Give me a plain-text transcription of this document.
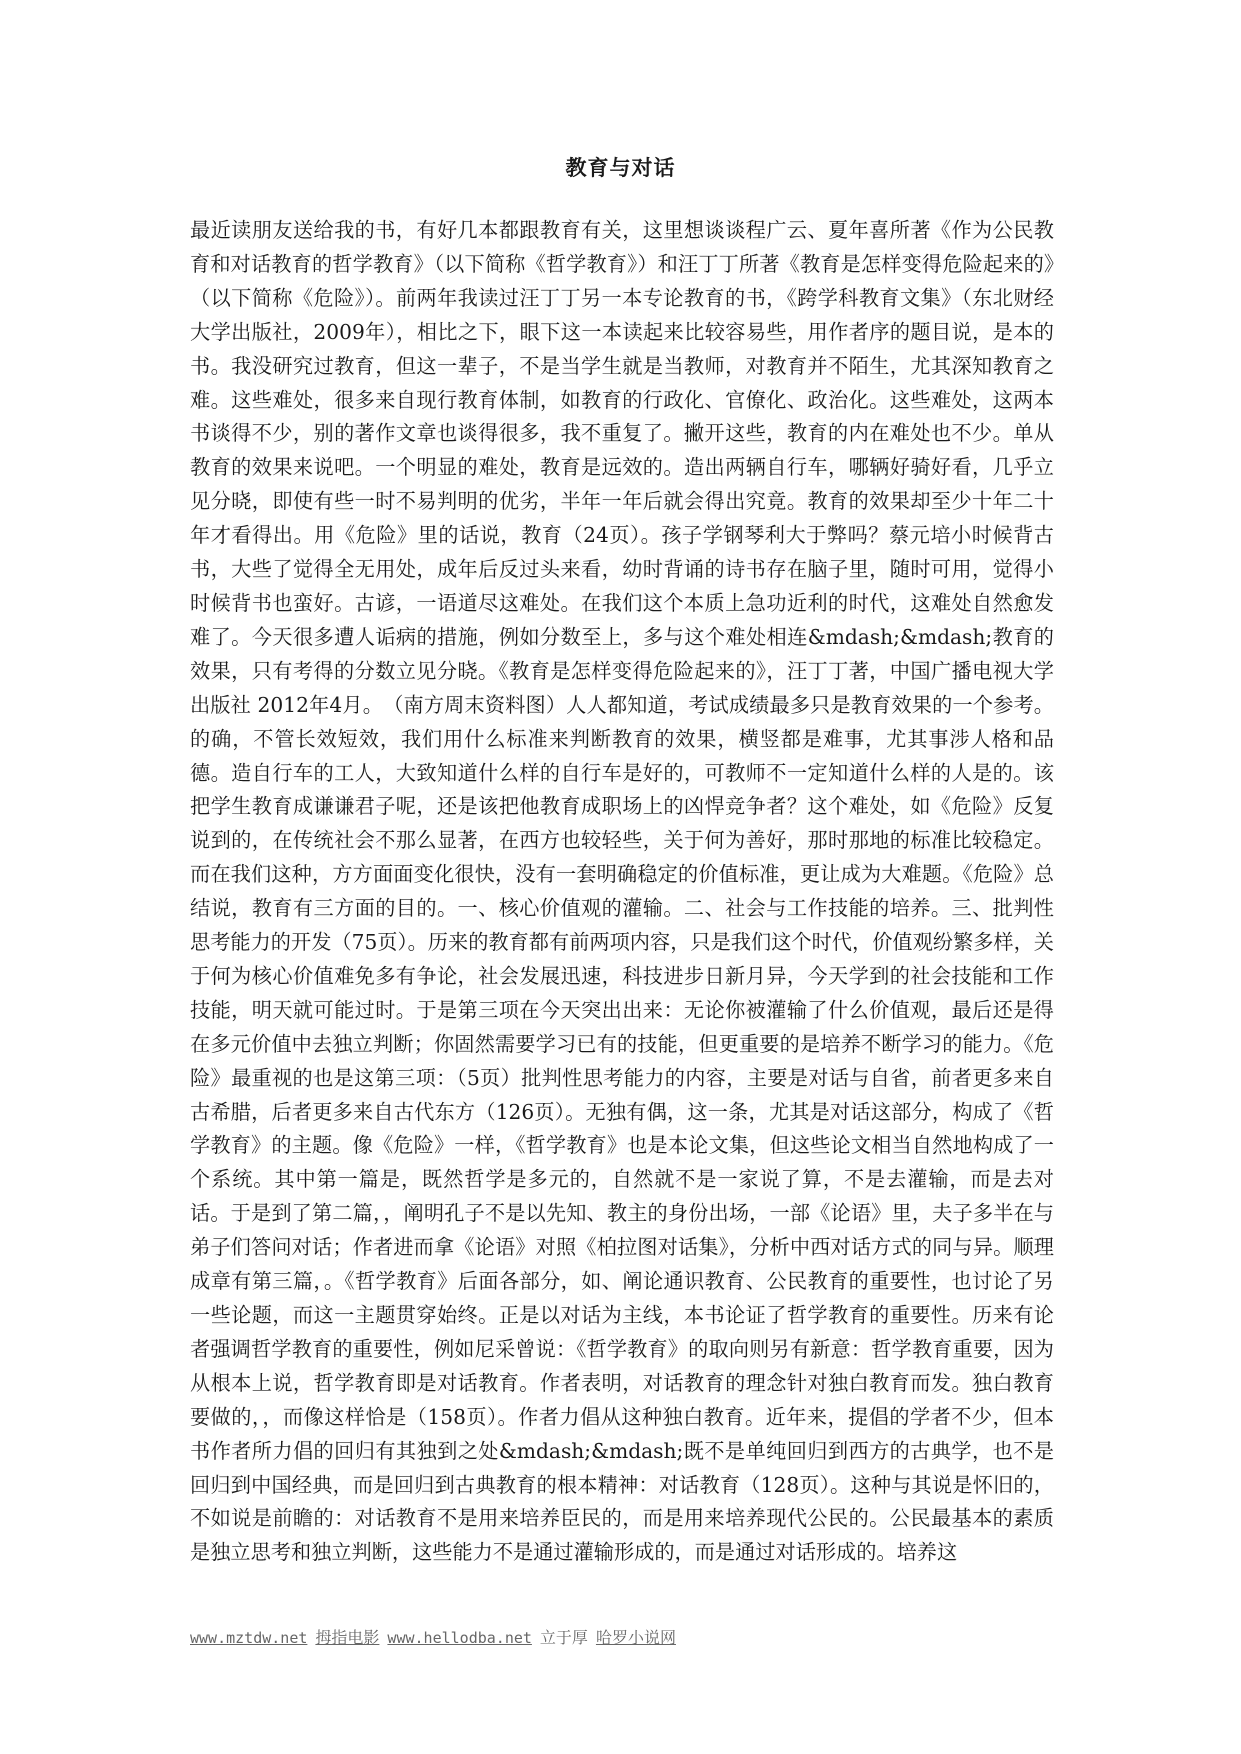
教育与对话

最近读朋友送给我的书，有好几本都跟教育有关，这里想谈谈程广云、夏年喜所著《作为公民教育和对话教育的哲学教育》（以下简称《哲学教育》）和汪丁丁所著《教育是怎样变得危险起来的》（以下简称《危险》）。前两年我读过汪丁丁另一本专论教育的书，《跨学科教育文集》（东北财经大学出版社，2009年），相比之下，眼下这一本读起来比较容易些，用作者序的题目说，是本的书。我没研究过教育，但这一辈子，不是当学生就是当教师，对教育并不陌生，尤其深知教育之难。这些难处，很多来自现行教育体制，如教育的行政化、官僚化、政治化。这些难处，这两本书谈得不少，别的著作文章也谈得很多，我不重复了。撇开这些，教育的内在难处也不少。单从教育的效果来说吧。一个明显的难处，教育是远效的。造出两辆自行车，哪辆好骑好看，几乎立见分晓，即使有些一时不易判明的优劣，半年一年后就会得出究竟。教育的效果却至少十年二十年才看得出。用《危险》里的话说，教育（24页）。孩子学钢琴利大于弊吗？蔡元培小时候背古书，大些了觉得全无用处，成年后反过头来看，幼时背诵的诗书存在脑子里，随时可用，觉得小时候背书也蛮好。古谚，一语道尽这难处。在我们这个本质上急功近利的时代，这难处自然愈发难了。今天很多遭人诟病的措施，例如分数至上，多与这个难处相连&mdash;&mdash;教育的效果，只有考得的分数立见分晓。《教育是怎样变得危险起来的》，汪丁丁著，中国广播电视大学出版社 2012年4月。　（南方周末资料图）人人都知道，考试成绩最多只是教育效果的一个参考。的确，不管长效短效，我们用什么标准来判断教育的效果，横竖都是难事，尤其事涉人格和品德。造自行车的工人，大致知道什么样的自行车是好的，可教师不一定知道什么样的人是的。该把学生教育成谦谦君子呢，还是该把他教育成职场上的凶悍竞争者？这个难处，如《危险》反复说到的，在传统社会不那么显著，在西方也较轻些，关于何为善好，那时那地的标准比较稳定。而在我们这种，方方面面变化很快，没有一套明确稳定的价值标准，更让成为大难题。《危险》总结说，教育有三方面的目的。一、核心价值观的灌输。二、社会与工作技能的培养。三、批判性思考能力的开发（75页）。历来的教育都有前两项内容，只是我们这个时代，价值观纷繁多样，关于何为核心价值难免多有争论，社会发展迅速，科技进步日新月异，今天学到的社会技能和工作技能，明天就可能过时。于是第三项在今天突出出来：无论你被灌输了什么价值观，最后还是得在多元价值中去独立判断；你固然需要学习已有的技能，但更重要的是培养不断学习的能力。《危险》最重视的也是这第三项：（5页）批判性思考能力的内容，主要是对话与自省，前者更多来自古希腊，后者更多来自古代东方（126页）。无独有偶，这一条，尤其是对话这部分，构成了《哲学教育》的主题。像《危险》一样，《哲学教育》也是本论文集，但这些论文相当自然地构成了一个系统。其中第一篇是，既然哲学是多元的，自然就不是一家说了算，不是去灌输，而是去对话。于是到了第二篇，，阐明孔子不是以先知、教主的身份出场，一部《论语》里，夫子多半在与弟子们答问对话；作者进而拿《论语》对照《柏拉图对话集》，分析中西对话方式的同与异。顺理成章有第三篇，。《哲学教育》后面各部分，如、阐论通识教育、公民教育的重要性，也讨论了另一些论题，而这一主题贯穿始终。正是以对话为主线，本书论证了哲学教育的重要性。历来有论者强调哲学教育的重要性，例如尼采曾说：《哲学教育》的取向则另有新意：哲学教育重要，因为从根本上说，哲学教育即是对话教育。作者表明，对话教育的理念针对独白教育而发。独白教育要做的，，而像这样恰是（158页）。作者力倡从这种独白教育。近年来，提倡的学者不少，但本书作者所力倡的回归有其独到之处&mdash;&mdash;既不是单纯回归到西方的古典学，也不是回归到中国经典，而是回归到古典教育的根本精神：对话教育（128页）。这种与其说是怀旧的，不如说是前瞻的：对话教育不是用来培养臣民的，而是用来培养现代公民的。公民最基本的素质是独立思考和独立判断，这些能力不是通过灌输形成的，而是通过对话形成的。培养这

www.mztdw.net 拇指电影 www.hellodba.net 立于厚 哈罗小说网
